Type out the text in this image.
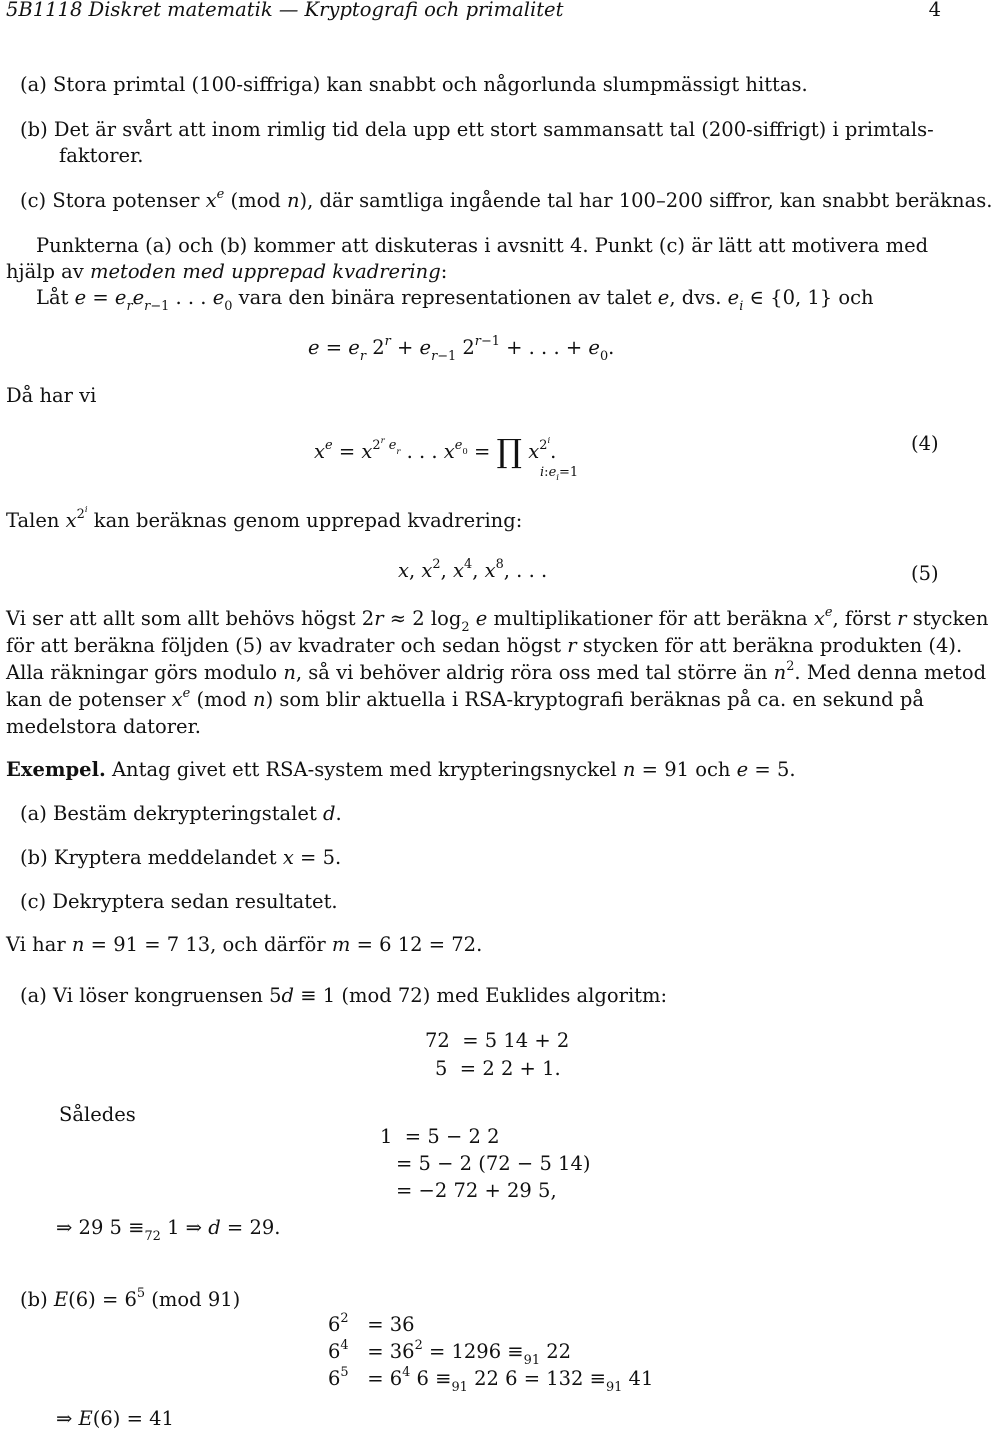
5B1118 Diskret matematik — Kryptografi och primalitet	4
(a) Stora primtal (100-siffriga) kan snabbt och någorlunda slumpmässigt hittas.
(b) Det är svårt att inom rimlig tid dela upp ett stort sammansatt tal (200-siffrigt) i primtals-
faktorer.
(c) Stora potenser $x^e$ (mod n), där samtliga ingående tal har 100–200 siffror, kan snabbt beräknas.
Punkterna (a) och (b) kommer att diskuteras i avsnitt 4. Punkt (c) är lätt att motivera med
hjälp av metoden med upprepad kvadrering:
Låt $e = e_re_{r-1}$ . . . $e_0$ vara den binära representationen av talet e, dvs. $e_i$ ∈ {0, 1} och
$e = e_r$ $2^r + e_{r-1}$ $2^{r-1}$ + . . . + $e_0$.
Då har vi
$x^e = x^{2^r e_r}$ . . . $x^{e_0}$ = ∏ $x^{2^i}$.
$i:e_i=1$
(4)
Talen $x^{2^i}$ kan beräknas genom upprepad kvadrering:
x, $x^2$, $x^4$, $x^8$, . . .	(5)
Vi ser att allt som allt behövs högst 2r ≈ 2 $\log_2 e$ multiplikationer för att beräkna $x^e$, först r stycken
för att beräkna följden (5) av kvadrater och sedan högst r stycken för att beräkna produkten (4).
Alla räkningar görs modulo n, så vi behöver aldrig röra oss med tal större än $n^2$. Med denna metod
kan de potenser $x^e$ (mod n) som blir aktuella i RSA-kryptografi beräknas på ca. en sekund på
medelstora datorer.
Exempel. Antag givet ett RSA-system med krypteringsnyckel n = 91 och e = 5.
(a) Bestäm dekrypteringstalet d.
(b) Kryptera meddelandet x = 5.
(c) Dekryptera sedan resultatet.
Vi har n = 91 = 7 13, och därför m = 6 12 = 72.
(a) Vi löser kongruensen 5d ≡ 1 (mod 72) med Euklides algoritm:
72  = 5 14 + 2
5  = 2 2 + 1.
Således
1  = 5 − 2 2
= 5 − 2 (72 − 5 14)
= −2 72 + 29 5,
⇒ 29 $5 \equiv_{72}$ 1 ⇒ d = 29.
(b) $E(6) = 6^5$ (mod 91)
$6^2 = 36$
$6^4 = 36^2 = 1296 \equiv_{91}$ 22
$6^5 = 6^4$ $6 \equiv_{91}$ 22 $6 = 132 \equiv_{91}$ 41
⇒ E(6) = 41
